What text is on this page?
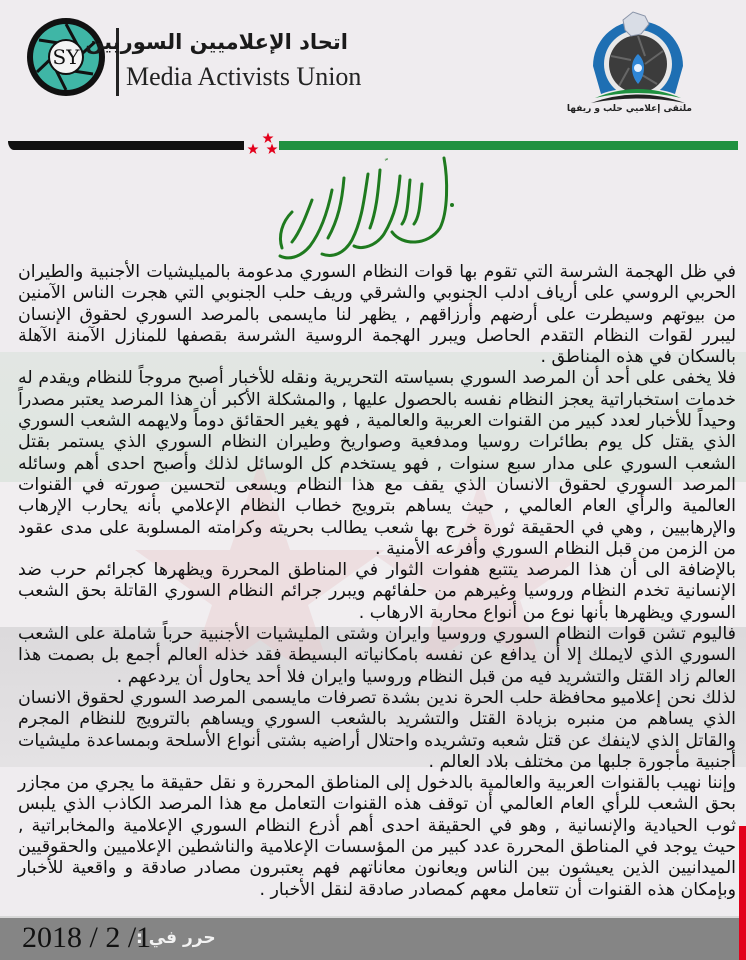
SY
اتحاد الإعلاميين السوريين
Media Activists Union
ملتقى إعلاميي حلب و ريفها

في ظل الهجمة الشرسة التي تقوم بها قوات النظام السوري مدعومة بالميليشيات الأجنبية والطيران الحربي الروسي على أرياف ادلب الجنوبي والشرقي وريف حلب الجنوبي التي هجرت الناس الآمنين من بيوتهم وسيطرت على أرضهم وأرزاقهم , يظهر لنا مايسمى بالمرصد السوري لحقوق الإنسان ليبرر لقوات النظام التقدم الحاصل ويبرر الهجمة الروسية الشرسة بقصفها للمنازل الآمنة الآهلة بالسكان في هذه المناطق .

فلا يخفى على أحد أن المرصد السوري بسياسته التحريرية ونقله للأخبار أصبح مروجاً للنظام ويقدم له خدمات استخباراتية يعجز النظام نفسه بالحصول عليها , والمشكلة الأكبر أن هذا المرصد يعتبر مصدراً وحيداً للأخبار لعدد كبير من القنوات العربية والعالمية , فهو يغير الحقائق دوماً ولايهمه الشعب السوري الذي يقتل كل يوم بطائرات روسيا ومدفعية وصواريخ وطيران النظام السوري الذي يستمر بقتل الشعب السوري على مدار سبع سنوات , فهو يستخدم كل الوسائل لذلك وأصبح احدى أهم وسائله المرصد السوري لحقوق الانسان الذي يقف مع هذا النظام ويسعى لتحسين صورته في القنوات العالمية والرأي العام العالمي , حيث يساهم بترويج خطاب النظام الإعلامي بأنه يحارب الإرهاب والإرهابيين , وهي في الحقيقة ثورة خرج بها شعب يطالب بحريته وكرامته المسلوبة على مدى عقود من الزمن من قبل النظام السوري وأفرعه الأمنية .

بالإضافة الى أن هذا المرصد يتتبع هفوات الثوار في المناطق المحررة ويظهرها كجرائم حرب ضد الإنسانية تخدم النظام وروسيا وغيرهم من حلفائهم ويبرر جرائم النظام السوري القاتلة بحق الشعب السوري ويظهرها بأنها نوع من أنواع محاربة الارهاب .

فاليوم تشن قوات النظام السوري وروسيا وايران وشتى المليشيات الأجنبية حرباً شاملة على الشعب السوري الذي لايملك إلا أن يدافع عن نفسه بامكانياته البسيطة فقد خذله العالم أجمع بل بصمت هذا العالم زاد القتل والتشريد فيه من قبل النظام وروسيا وايران فلا أحد يحاول أن يردعهم .

لذلك نحن إعلاميو محافظة حلب الحرة ندين بشدة تصرفات مايسمى المرصد السوري لحقوق الانسان الذي يساهم من منبره بزيادة القتل والتشريد بالشعب السوري ويساهم بالترويج للنظام المجرم والقاتل الذي لاينفك عن قتل شعبه وتشريده واحتلال أراضيه بشتى أنواع الأسلحة وبمساعدة مليشيات أجنبية مأجورة جلبها من مختلف بلاد العالم .

وإننا نهيب بالقنوات العربية والعالمية بالدخول إلى المناطق المحررة و نقل حقيقة ما يجري من مجازر بحق الشعب للرأي العام العالمي أن توقف هذه القنوات التعامل مع هذا المرصد الكاذب الذي يلبس ثوب الحيادية والإنسانية , وهو في الحقيقة احدى أهم أذرع النظام السوري الإعلامية والمخابراتية , حيث يوجد في المناطق المحررة عدد كبير من المؤسسات الإعلامية والناشطين الإعلاميين والحقوقيين الميدانيين الذين يعيشون بين الناس ويعانون معاناتهم فهم يعتبرون مصادر صادقة و واقعية للأخبار وبإمكان هذه القنوات أن تتعامل معهم كمصادر صادقة لنقل الأخبار .

2018 / 2 /1
حرر في :
